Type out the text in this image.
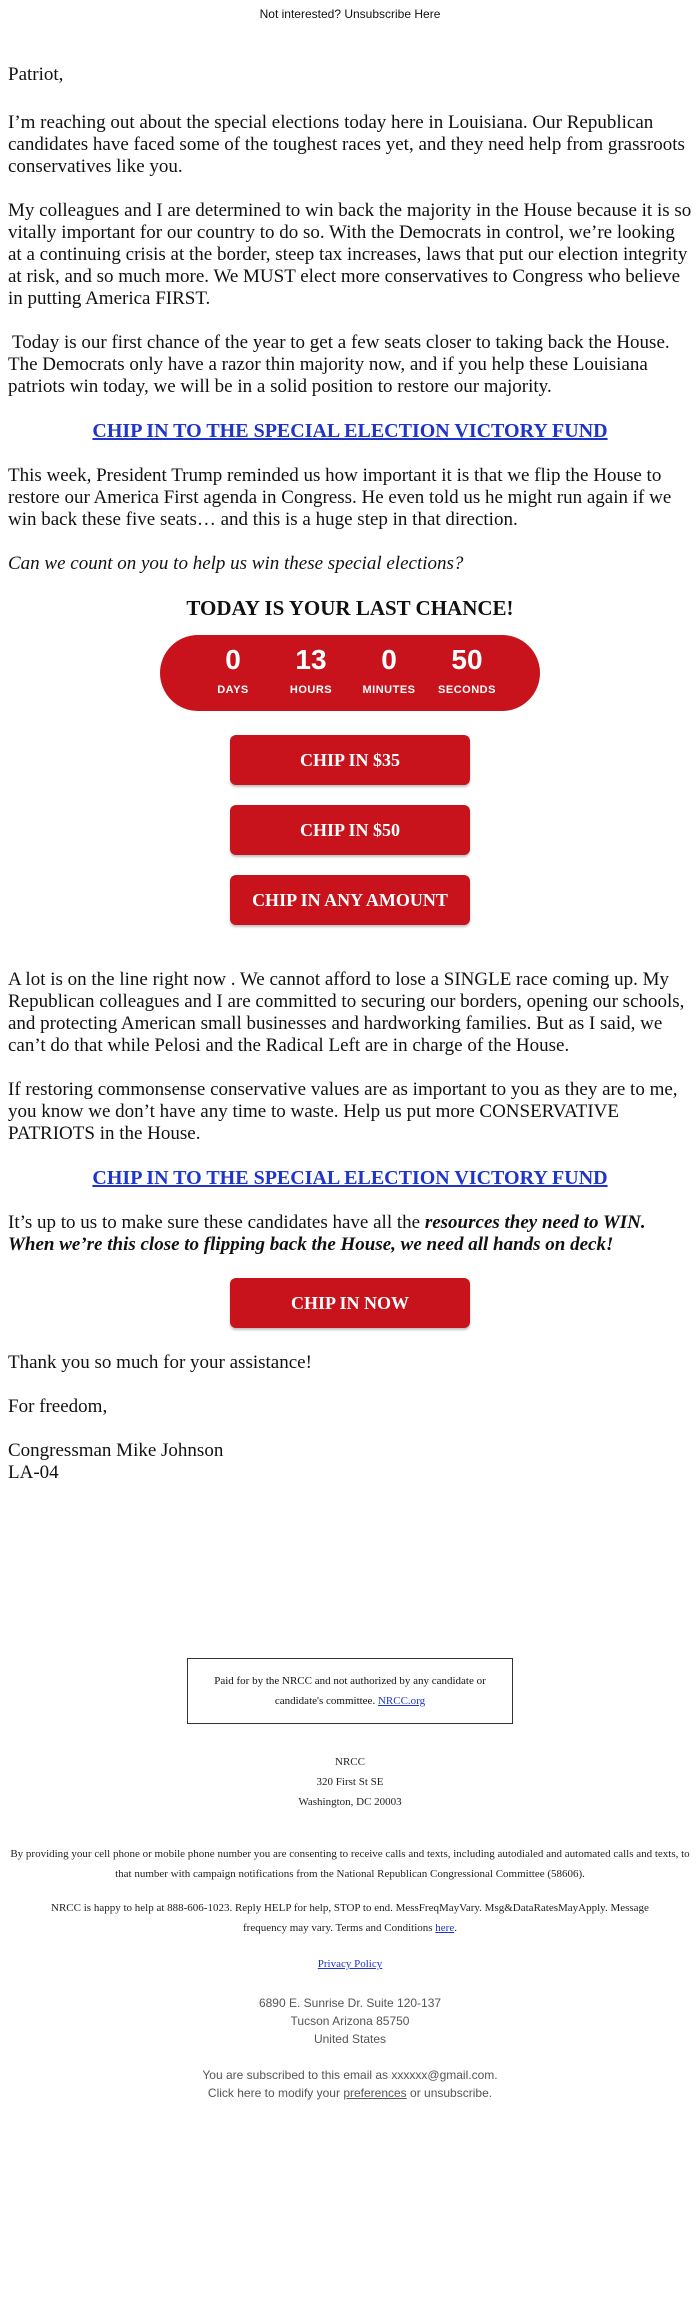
Not interested? Unsubscribe Here

Patriot,

I’m reaching out about the special elections today here in Louisiana. Our Republican candidates have faced some of the toughest races yet, and they need help from grassroots conservatives like you.

My colleagues and I are determined to win back the majority in the House because it is so vitally important for our country to do so. With the Democrats in control, we’re looking at a continuing crisis at the border, steep tax increases, laws that put our election integrity at risk, and so much more. We MUST elect more conservatives to Congress who believe in putting America FIRST.

Today is our first chance of the year to get a few seats closer to taking back the House. The Democrats only have a razor thin majority now, and if you help these Louisiana patriots win today, we will be in a solid position to restore our majority.

CHIP IN TO THE SPECIAL ELECTION VICTORY FUND

This week, President Trump reminded us how important it is that we flip the House to restore our America First agenda in Congress. He even told us he might run again if we win back these five seats… and this is a huge step in that direction.

Can we count on you to help us win these special elections?

TODAY IS YOUR LAST CHANCE!
0
DAYS
13
HOURS
0
MINUTES
50
SECONDS
CHIP IN $35
CHIP IN $50
CHIP IN ANY AMOUNT

A lot is on the line right now . We cannot afford to lose a SINGLE race coming up. My Republican colleagues and I are committed to securing our borders, opening our schools, and protecting American small businesses and hardworking families. But as I said, we can’t do that while Pelosi and the Radical Left are in charge of the House.

If restoring commonsense conservative values are as important to you as they are to me, you know we don’t have any time to waste. Help us put more CONSERVATIVE PATRIOTS in the House.

CHIP IN TO THE SPECIAL ELECTION VICTORY FUND

It’s up to us to make sure these candidates have all the resources they need to WIN. When we’re this close to flipping back the House, we need all hands on deck!

CHIP IN NOW

Thank you so much for your assistance!

For freedom,

Congressman Mike Johnson

LA-04

Paid for by the NRCC and not authorized by any candidate or candidate's committee. NRCC.org
NRCC
320 First St SE
Washington, DC 20003

By providing your cell phone or mobile phone number you are consenting to receive calls and texts, including autodialed and automated calls and texts, to that number with campaign notifications from the National Republican Congressional Committee (58606).

NRCC is happy to help at 888-606-1023. Reply HELP for help, STOP to end. MessFreqMayVary. Msg&DataRatesMayApply. Message frequency may vary. Terms and Conditions here.

Privacy Policy

6890 E. Sunrise Dr. Suite 120-137
Tucson Arizona 85750
United States
You are subscribed to this email as xxxxxx@gmail.com.
Click here to modify your preferences or unsubscribe.
